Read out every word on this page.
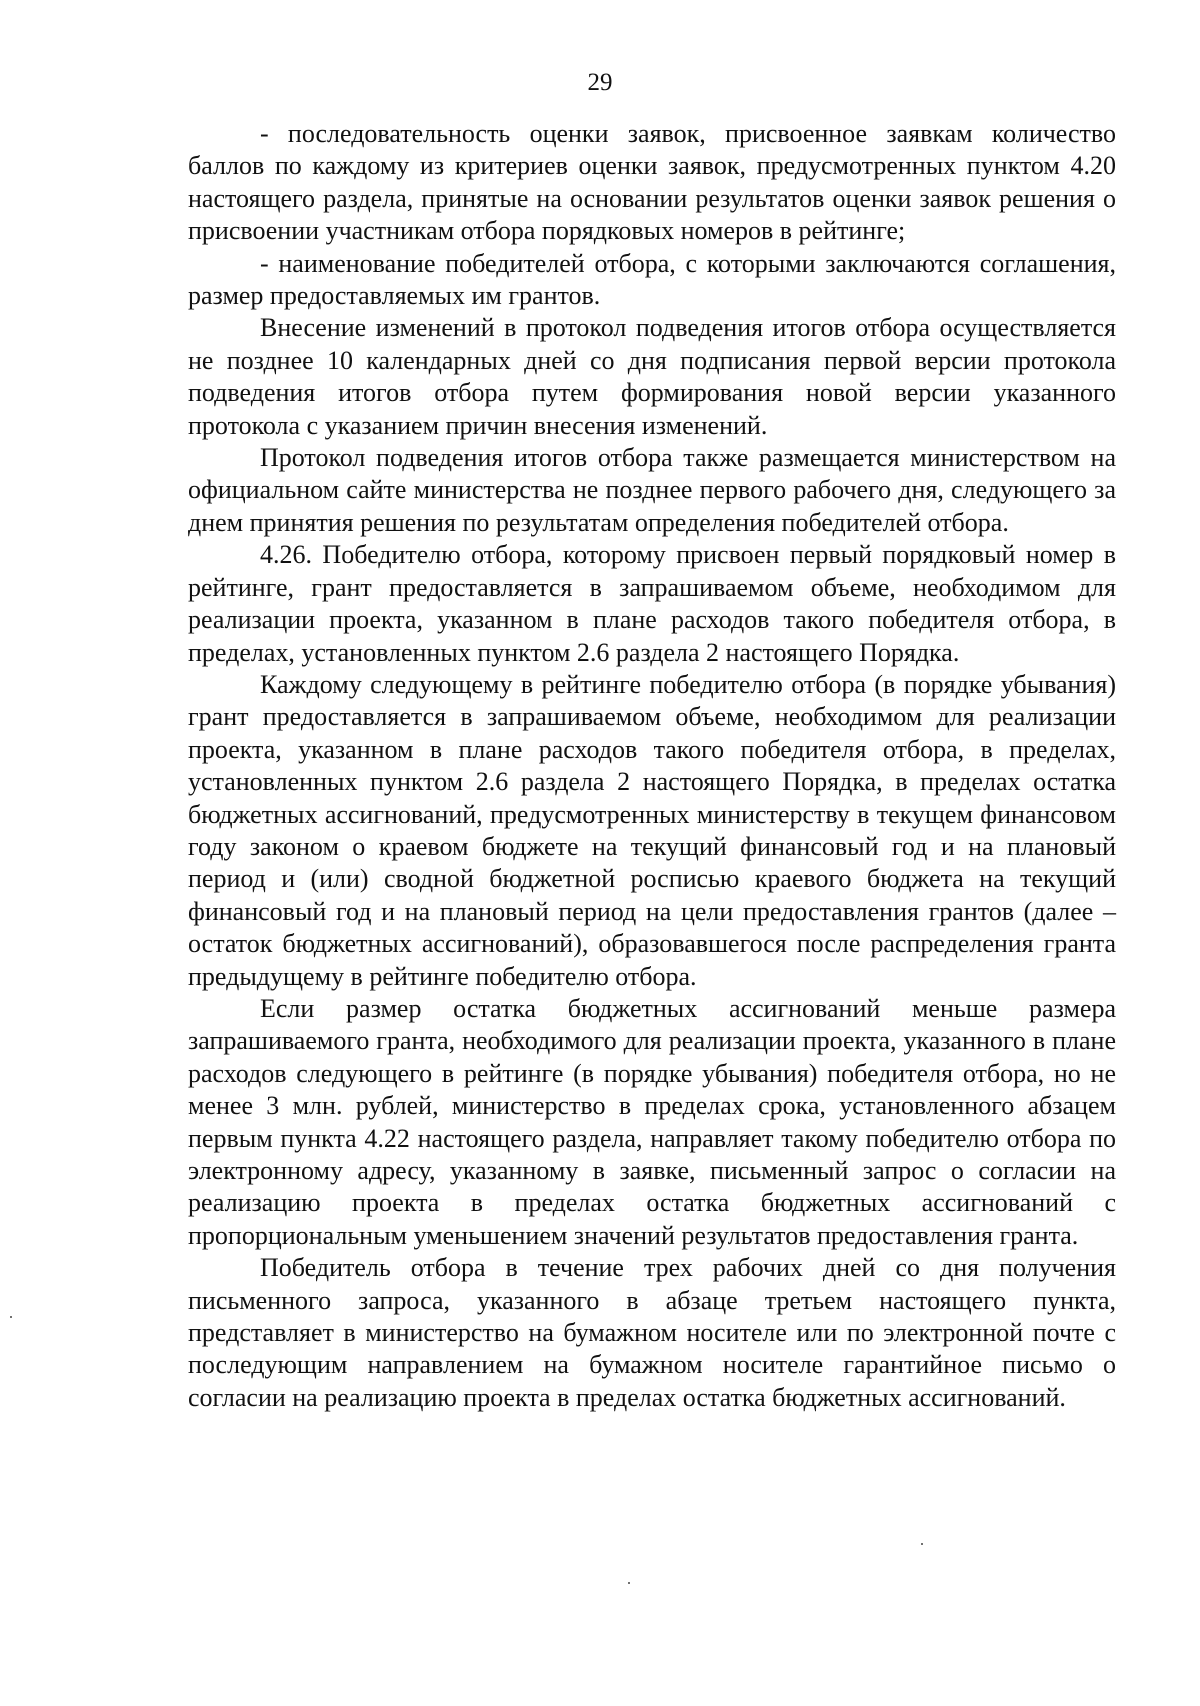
29

- последовательность оценки заявок, присвоенное заявкам количество баллов по каждому из критериев оценки заявок, предусмотренных пунктом 4.20 настоящего раздела, принятые на основании результатов оценки заявок решения о присвоении участникам отбора порядковых номеров в рейтинге;

- наименование победителей отбора, с которыми заключаются соглашения, размер предоставляемых им грантов.

Внесение изменений в протокол подведения итогов отбора осуществляется не позднее 10 календарных дней со дня подписания первой версии протокола подведения итогов отбора путем формирования новой версии указанного протокола с указанием причин внесения изменений.

Протокол подведения итогов отбора также размещается министерством на официальном сайте министерства не позднее первого рабочего дня, следующего за днем принятия решения по результатам определения победителей отбора.

4.26. Победителю отбора, которому присвоен первый порядковый номер в рейтинге, грант предоставляется в запрашиваемом объеме, необходимом для реализации проекта, указанном в плане расходов такого победителя отбора, в пределах, установленных пунктом 2.6 раздела 2 настоящего Порядка.

Каждому следующему в рейтинге победителю отбора (в порядке убывания) грант предоставляется в запрашиваемом объеме, необходимом для реализации проекта, указанном в плане расходов такого победителя отбора, в пределах, установленных пунктом 2.6 раздела 2 настоящего Порядка, в пределах остатка бюджетных ассигнований, предусмотренных министерству в текущем финансовом году законом о краевом бюджете на текущий финансовый год и на плановый период и (или) сводной бюджетной росписью краевого бюджета на текущий финансовый год и на плановый период на цели предоставления грантов (далее – остаток бюджетных ассигнований), образовавшегося после распределения гранта предыдущему в рейтинге победителю отбора.

Если размер остатка бюджетных ассигнований меньше размера запрашиваемого гранта, необходимого для реализации проекта, указанного в плане расходов следующего в рейтинге (в порядке убывания) победителя отбора, но не менее 3 млн. рублей, министерство в пределах срока, установленного абзацем первым пункта 4.22 настоящего раздела, направляет такому победителю отбора по электронному адресу, указанному в заявке, письменный запрос о согласии на реализацию проекта в пределах остатка бюджетных ассигнований с пропорциональным уменьшением значений результатов предоставления гранта.

Победитель отбора в течение трех рабочих дней со дня получения письменного запроса, указанного в абзаце третьем настоящего пункта, представляет в министерство на бумажном носителе или по электронной почте с последующим направлением на бумажном носителе гарантийное письмо о согласии на реализацию проекта в пределах остатка бюджетных ассигнований.
